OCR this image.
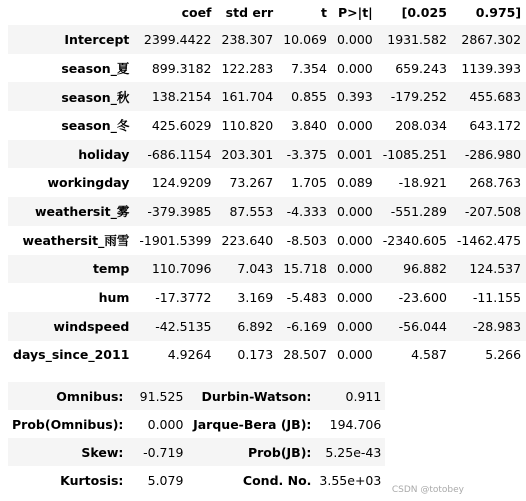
	coef	std err	t	P>|t|	[0.025	0.975]
Intercept	2399.4422	238.307	10.069	0.000	1931.582	2867.302
season_夏	899.3182	122.283	7.354	0.000	659.243	1139.393
season_秋	138.2154	161.704	0.855	0.393	-179.252	455.683
season_冬	425.6029	110.820	3.840	0.000	208.034	643.172
holiday	-686.1154	203.301	-3.375	0.001	-1085.251	-286.980
workingday	124.9209	73.267	1.705	0.089	-18.921	268.763
weathersit_雾	-379.3985	87.553	-4.333	0.000	-551.289	-207.508
weathersit_雨雪	-1901.5399	223.640	-8.503	0.000	-2340.605	-1462.475
temp	110.7096	7.043	15.718	0.000	96.882	124.537
hum	-17.3772	3.169	-5.483	0.000	-23.600	-11.155
windspeed	-42.5135	6.892	-6.169	0.000	-56.044	-28.983
days_since_2011	4.9264	0.173	28.507	0.000	4.587	5.266
Omnibus:	91.525	Durbin-Watson:	0.911
Prob(Omnibus):	0.000	Jarque-Bera (JB):	194.706
Skew:	-0.719	Prob(JB):	5.25e-43
Kurtosis:	5.079	Cond. No.	3.55e+03
CSDN @totobey
